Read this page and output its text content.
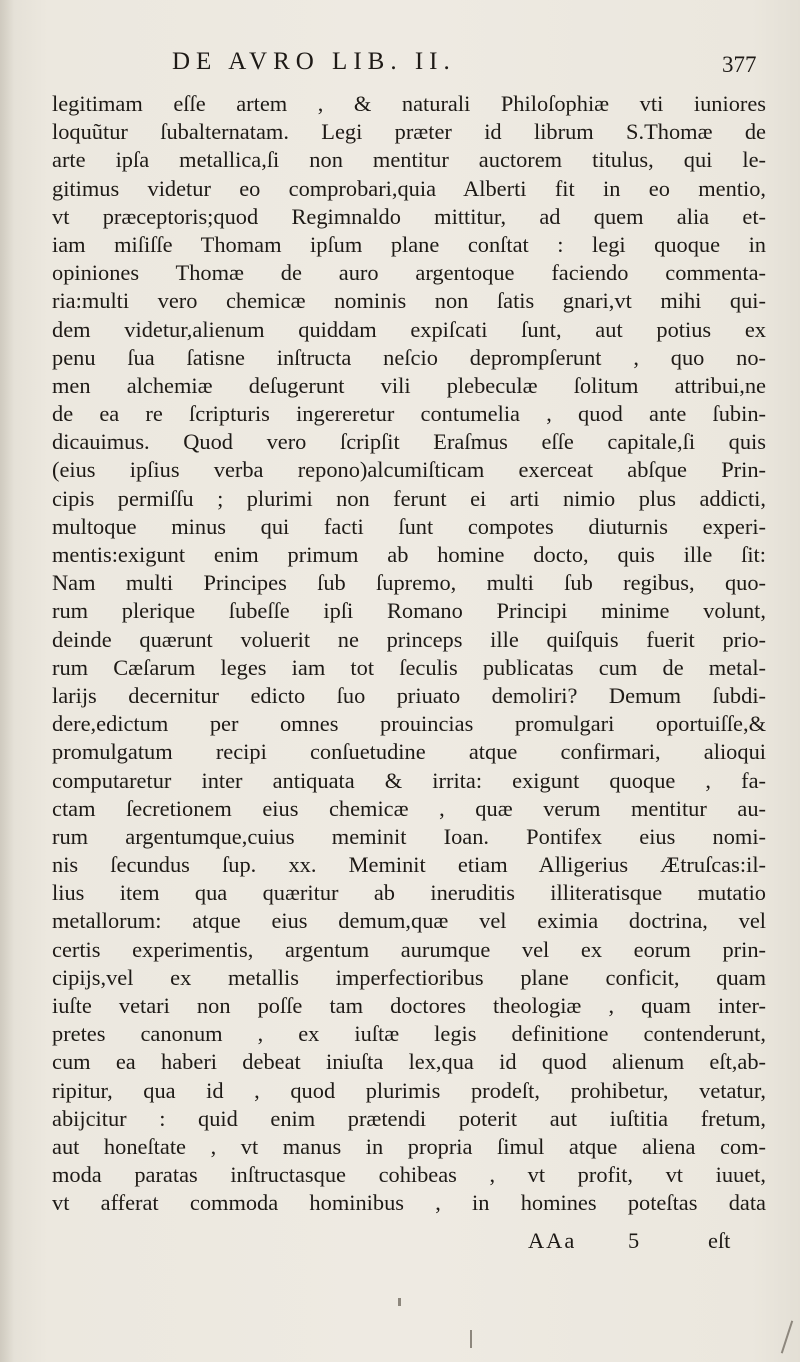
DE AVRO LIB. II.	377
legitimam eſſe artem , & naturali Philoſophiæ vti iuniores
loquũtur ſubalternatam. Legi præter id librum S.Thomæ de
arte ipſa metallica,ſi non mentitur auctorem titulus, qui le-
gitimus videtur eo comprobari,quia Alberti fit in eo mentio,
vt præceptoris;quod Regimnaldo mittitur, ad quem alia et-
iam miſiſſe Thomam ipſum plane conſtat : legi quoque in
opiniones Thomæ de auro argentoque faciendo commenta-
ria:multi vero chemicæ nominis non ſatis gnari,vt mihi qui-
dem videtur,alienum quiddam expiſcati ſunt, aut potius ex
penu ſua ſatisne inſtructa neſcio deprompſerunt , quo no-
men alchemiæ deſugerunt vili plebeculæ ſolitum attribui,ne
de ea re ſcripturis ingereretur contumelia , quod ante ſubin-
dicauimus. Quod vero ſcripſit Eraſmus eſſe capitale,ſi quis
(eius ipſius verba repono)alcumiſticam exerceat abſque Prin-
cipis permiſſu ; plurimi non ferunt ei arti nimio plus addicti,
multoque minus qui facti ſunt compotes diuturnis experi-
mentis:exigunt enim primum ab homine docto, quis ille ſit:
Nam multi Principes ſub ſupremo, multi ſub regibus, quo-
rum plerique ſubeſſe ipſi Romano Principi minime volunt,
deinde quærunt voluerit ne princeps ille quiſquis fuerit prio-
rum Cæſarum leges iam tot ſeculis publicatas cum de metal-
larijs decernitur edicto ſuo priuato demoliri? Demum ſubdi-
dere,edictum per omnes prouincias promulgari oportuiſſe,&
promulgatum recipi conſuetudine atque confirmari, alioqui
computaretur inter antiquata & irrita: exigunt quoque , fa-
ctam ſecretionem eius chemicæ , quæ verum mentitur au-
rum argentumque,cuius meminit Ioan. Pontifex eius nomi-
nis ſecundus ſup. xx. Meminit etiam Alligerius Ætruſcas:il-
lius item qua quæritur ab ineruditis illiteratisque mutatio
metallorum: atque eius demum,quæ vel eximia doctrina, vel
certis experimentis, argentum aurumque vel ex eorum prin-
cipijs,vel ex metallis imperfectioribus plane conficit, quam
iuſte vetari non poſſe tam doctores theologiæ , quam inter-
pretes canonum , ex iuſtæ legis definitione contenderunt,
cum ea haberi debeat iniuſta lex,qua id quod alienum eſt,ab-
ripitur, qua id , quod plurimis prodeſt, prohibetur, vetatur,
abijcitur : quid enim prætendi poterit aut iuſtitia fretum,
aut honeſtate , vt manus in propria ſimul atque aliena com-
moda paratas inſtructasque cohibeas , vt profit, vt iuuet,
vt afferat commoda hominibus , in homines poteſtas data
AAa 5	eſt
